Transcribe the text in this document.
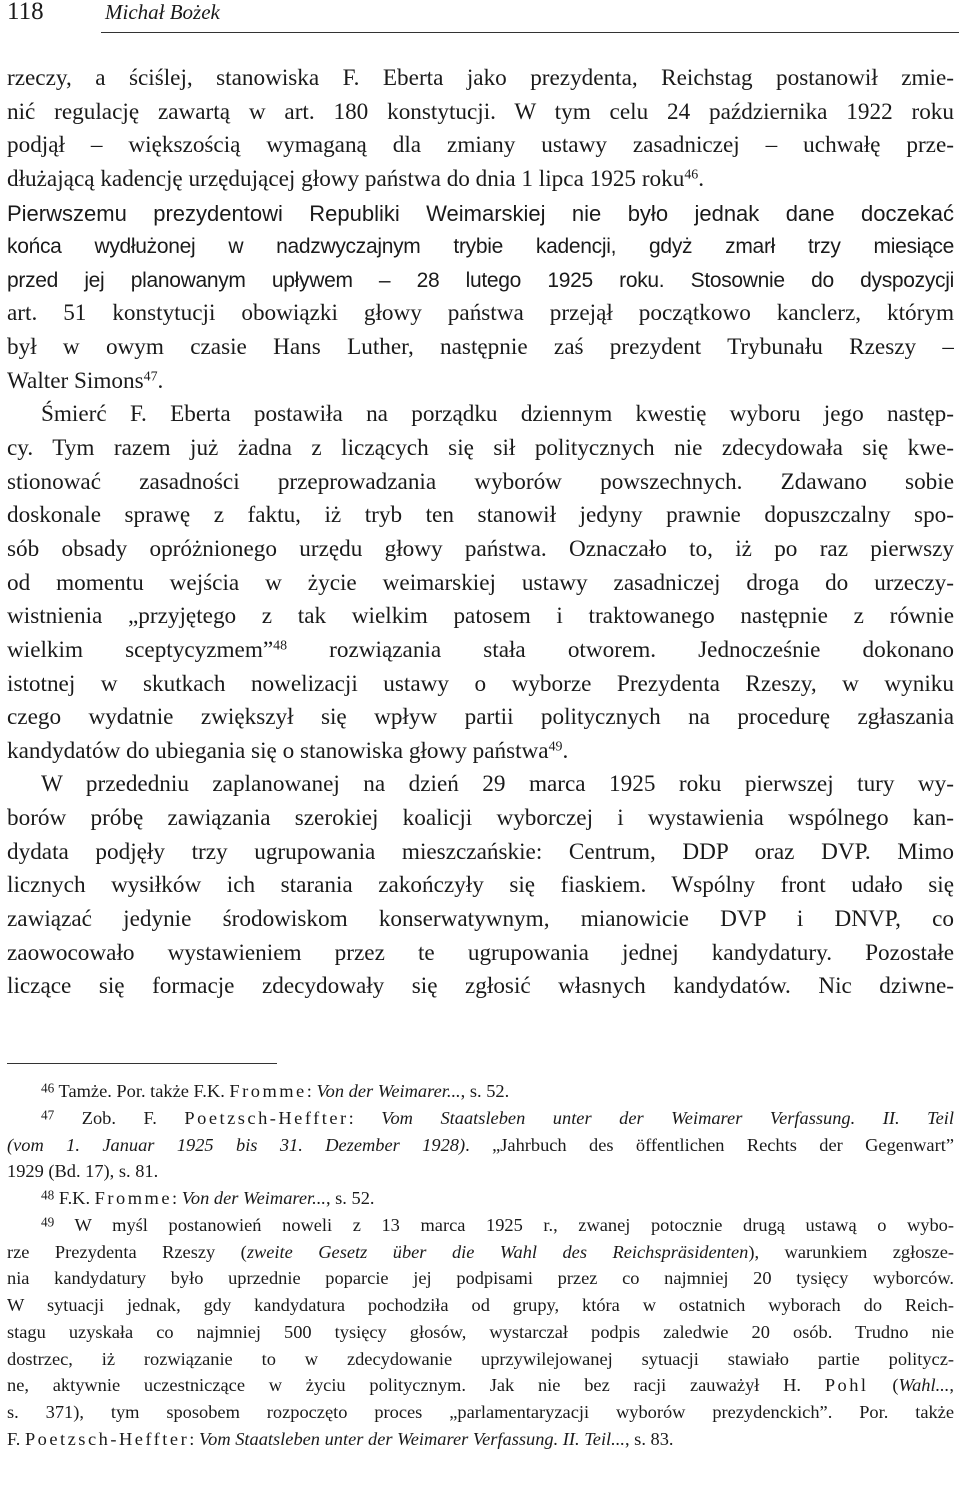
118	Michał Bożek
rzeczy, a ściślej, stanowiska F. Eberta jako prezydenta, Reichstag postanowił zmie-
nić regulację zawartą w art. 180 konstytucji. W tym celu 24 października 1922 roku
podjął – większością wymaganą dla zmiany ustawy zasadniczej – uchwałę prze-
dłużającą kadencję urzędującej głowy państwa do dnia 1 lipca 1925 roku$^{46}$.
Pierwszemu prezydentowi Republiki Weimarskiej nie było jednak dane doczekać
końca wydłużonej w nadzwyczajnym trybie kadencji, gdyż zmarł trzy miesiące
przed jej planowanym upływem – 28 lutego 1925 roku. Stosownie do dyspozycji
art. 51 konstytucji obowiązki głowy państwa przejął początkowo kanclerz, którym
był w owym czasie Hans Luther, następnie zaś prezydent Trybunału Rzeszy –
Walter Simons$^{47}$.
Śmierć F. Eberta postawiła na porządku dziennym kwestię wyboru jego następ-
cy. Tym razem już żadna z liczących się sił politycznych nie zdecydowała się kwe-
stionować zasadności przeprowadzania wyborów powszechnych. Zdawano sobie
doskonale sprawę z faktu, iż tryb ten stanowił jedyny prawnie dopuszczalny spo-
sób obsady opróżnionego urzędu głowy państwa. Oznaczało to, iż po raz pierwszy
od momentu wejścia w życie weimarskiej ustawy zasadniczej droga do urzeczy-
wistnienia „przyjętego z tak wielkim patosem i traktowanego następnie z równie
wielkim sceptycyzmem”$^{48}$ rozwiązania stała otworem. Jednocześnie dokonano
istotnej w skutkach nowelizacji ustawy o wyborze Prezydenta Rzeszy, w wyniku
czego wydatnie zwiększył się wpływ partii politycznych na procedurę zgłaszania
kandydatów do ubiegania się o stanowiska głowy państwa$^{49}$.
W przededniu zaplanowanej na dzień 29 marca 1925 roku pierwszej tury wy-
borów próbę zawiązania szerokiej koalicji wyborczej i wystawienia wspólnego kan-
dydata podjęły trzy ugrupowania mieszczańskie: Centrum, DDP oraz DVP. Mimo
licznych wysiłków ich starania zakończyły się fiaskiem. Wspólny front udało się
zawiązać jedynie środowiskom konserwatywnym, mianowicie DVP i DNVP, co
zaowocowało wystawieniem przez te ugrupowania jednej kandydatury. Pozostałe
liczące się formacje zdecydowały się zgłosić własnych kandydatów. Nic dziwne-
$^{46}$ Tamże. Por. także F.K. Fromme: Von der Weimarer..., s. 52.
$^{47}$ Zob. F. Poetzsch-Heffter: Vom Staatsleben unter der Weimarer Verfassung. II. Teil
(vom 1. Januar 1925 bis 31. Dezember 1928). „Jahrbuch des öffentlichen Rechts der Gegenwart”
1929 (Bd. 17), s. 81.
$^{48}$ F.K. Fromme: Von der Weimarer..., s. 52.
$^{49}$ W myśl postanowień noweli z 13 marca 1925 r., zwanej potocznie drugą ustawą o wybo-
rze Prezydenta Rzeszy (zweite Gesetz über die Wahl des Reichspräsidenten), warunkiem zgłosze-
nia kandydatury było uprzednie poparcie jej podpisami przez co najmniej 20 tysięcy wyborców.
W sytuacji jednak, gdy kandydatura pochodziła od grupy, która w ostatnich wyborach do Reich-
stagu uzyskała co najmniej 500 tysięcy głosów, wystarczał podpis zaledwie 20 osób. Trudno nie
dostrzec, iż rozwiązanie to w zdecydowanie uprzywilejowanej sytuacji stawiało partie politycz-
ne, aktywnie uczestniczące w życiu politycznym. Jak nie bez racji zauważył H. Pohl (Wahl...,
s. 371), tym sposobem rozpoczęto proces „parlamentaryzacji wyborów prezydenckich”. Por. także
F. Poetzsch-Heffter: Vom Staatsleben unter der Weimarer Verfassung. II. Teil..., s. 83.
